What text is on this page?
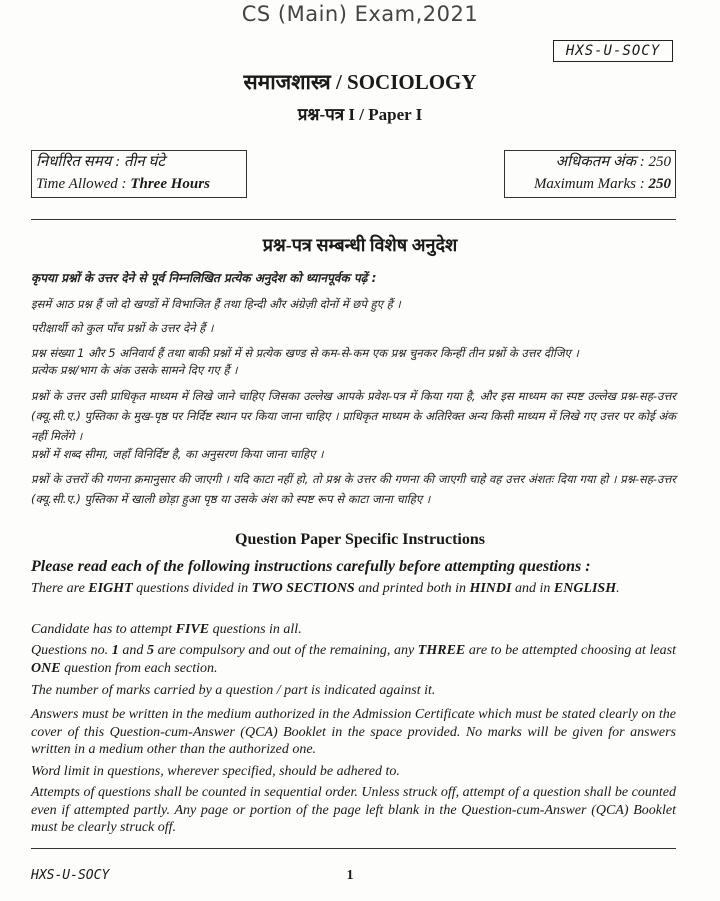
CS (Main) Exam,2021
HXS-U-SOCY
समाजशास्त्र / SOCIOLOGY
प्रश्न-पत्र I / Paper I
निर्धारित समय : तीन घंटे
Time Allowed : Three Hours
अधिकतम अंक : 250
Maximum Marks : 250
प्रश्न-पत्र सम्बन्धी विशेष अनुदेश
कृपया प्रश्नों के उत्तर देने से पूर्व निम्नलिखित प्रत्येक अनुदेश को ध्यानपूर्वक पढ़ें :
इसमें आठ प्रश्न हैं जो दो खण्डों में विभाजित हैं तथा हिन्दी और अंग्रेज़ी दोनों में छपे हुए हैं ।
परीक्षार्थी को कुल पाँच प्रश्नों के उत्तर देने हैं ।
प्रश्न संख्या 1 और 5 अनिवार्य हैं तथा बाकी प्रश्नों में से प्रत्येक खण्ड से कम-से-कम एक प्रश्न चुनकर किन्हीं तीन प्रश्नों के उत्तर दीजिए ।
प्रत्येक प्रश्न/भाग के अंक उसके सामने दिए गए हैं ।
प्रश्नों के उत्तर उसी प्राधिकृत माध्यम में लिखे जाने चाहिए जिसका उल्लेख आपके प्रवेश-पत्र में किया गया है, और इस माध्यम का स्पष्ट उल्लेख प्रश्न-सह-उत्तर (क्यू.सी.ए.) पुस्तिका के मुख-पृष्ठ पर निर्दिष्ट स्थान पर किया जाना चाहिए । प्राधिकृत माध्यम के अतिरिक्त अन्य किसी माध्यम में लिखे गए उत्तर पर कोई अंक नहीं मिलेंगे ।
प्रश्नों में शब्द सीमा, जहाँ विनिर्दिष्ट है, का अनुसरण किया जाना चाहिए ।
प्रश्नों के उत्तरों की गणना क्रमानुसार की जाएगी । यदि काटा नहीं हो, तो प्रश्न के उत्तर की गणना की जाएगी चाहे वह उत्तर अंशतः दिया गया हो । प्रश्न-सह-उत्तर (क्यू.सी.ए.) पुस्तिका में खाली छोड़ा हुआ पृष्ठ या उसके अंश को स्पष्ट रूप से काटा जाना चाहिए ।
Question Paper Specific Instructions
Please read each of the following instructions carefully before attempting questions :
There are EIGHT questions divided in TWO SECTIONS and printed both in HINDI and in ENGLISH.
Candidate has to attempt FIVE questions in all.
Questions no. 1 and 5 are compulsory and out of the remaining, any THREE are to be attempted choosing at least ONE question from each section.
The number of marks carried by a question / part is indicated against it.
Answers must be written in the medium authorized in the Admission Certificate which must be stated clearly on the cover of this Question-cum-Answer (QCA) Booklet in the space provided. No marks will be given for answers written in a medium other than the authorized one.
Word limit in questions, wherever specified, should be adhered to.
Attempts of questions shall be counted in sequential order. Unless struck off, attempt of a question shall be counted even if attempted partly. Any page or portion of the page left blank in the Question-cum-Answer (QCA) Booklet must be clearly struck off.
HXS-U-SOCY	1
